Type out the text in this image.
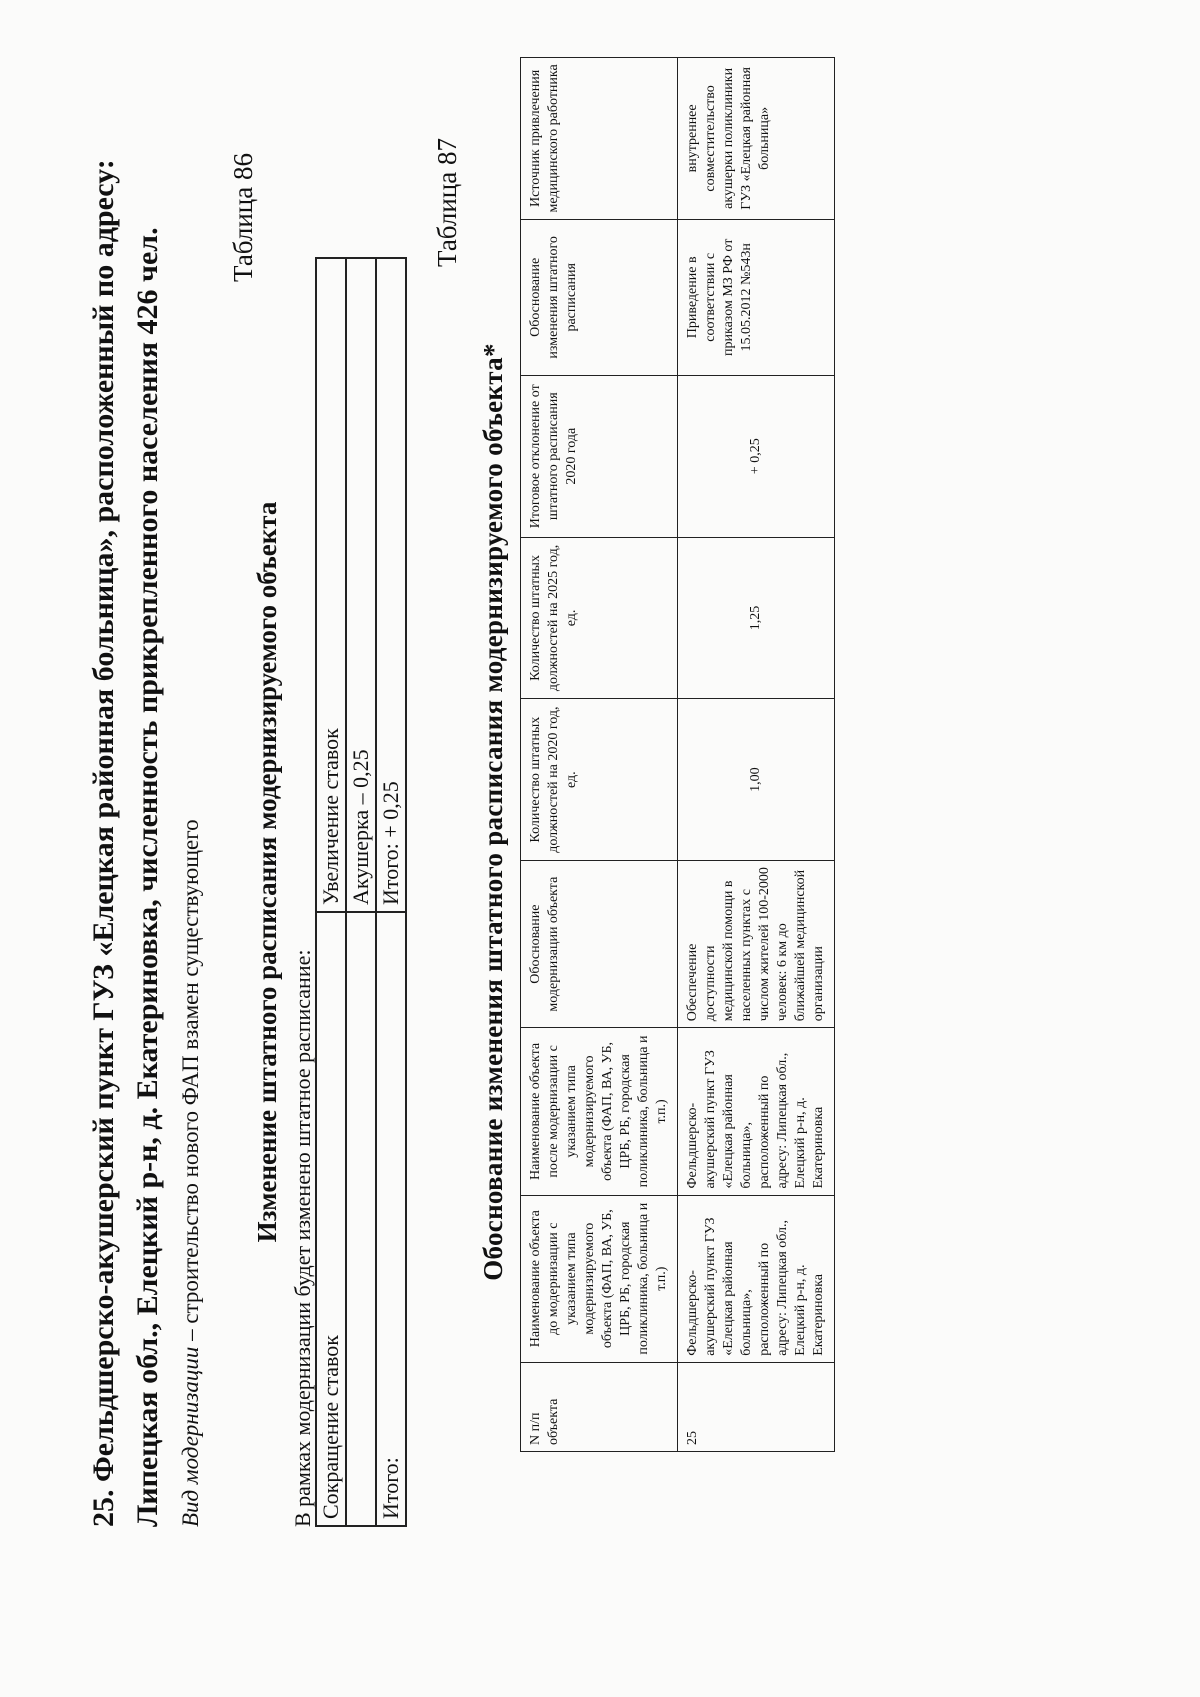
25. Фельдшерско-акушерский пункт ГУЗ «Елецкая районная больница», расположенный по адресу: Липецкая обл., Елецкий р-н, д. Екатериновка, численность прикрепленного населения 426 чел. Вид модернизации – строительство нового ФАП взамен существующего
Таблица 86
Изменение штатного расписания модернизируемого объекта В рамках модернизации будет изменено штатное расписание: Сокращение ставок	Увеличение ставок
	Акушерка – 0,25
Итого:	Итого: + 0,25
Таблица 87
Обоснование изменения штатного расписания модернизируемого объекта*
N п/п объекта	Наименование объекта до модернизации с указанием типа модернизируемого объекта (ФАП, ВА, УБ, ЦРБ, РБ, городская поликлиника, больница и т.п.)	Наименование объекта после модернизации с указанием типа модернизируемого объекта (ФАП, ВА, УБ, ЦРБ, РБ, городская поликлиника, больница и т.п.)	Обоснование модернизации объекта	Количество штатных должностей на 2020 год, ед.	Количество штатных должностей на 2025 год, ед.	Итоговое отклонение от штатного расписания 2020 года	Обоснование изменения штатного расписания	Источник привлечения медицинского работника
25	Фельдшерско-акушерский пункт ГУЗ «Елецкая районная больница», расположенный по адресу: Липецкая обл., Елецкий р-н, д. Екатериновка	Фельдшерско-акушерский пункт ГУЗ «Елецкая районная больница», расположенный по адресу: Липецкая обл., Елецкий р-н, д. Екатериновка	Обеспечение доступности медицинской помощи в населенных пунктах с числом жителей 100-2000 человек: 6 км до ближайшей медицинской организации	1,00	1,25	+ 0,25	Приведение в соответствии с приказом МЗ РФ от 15.05.2012 №543н	внутреннее совместительство акушерки поликлиники ГУЗ «Елецкая районная больница»
